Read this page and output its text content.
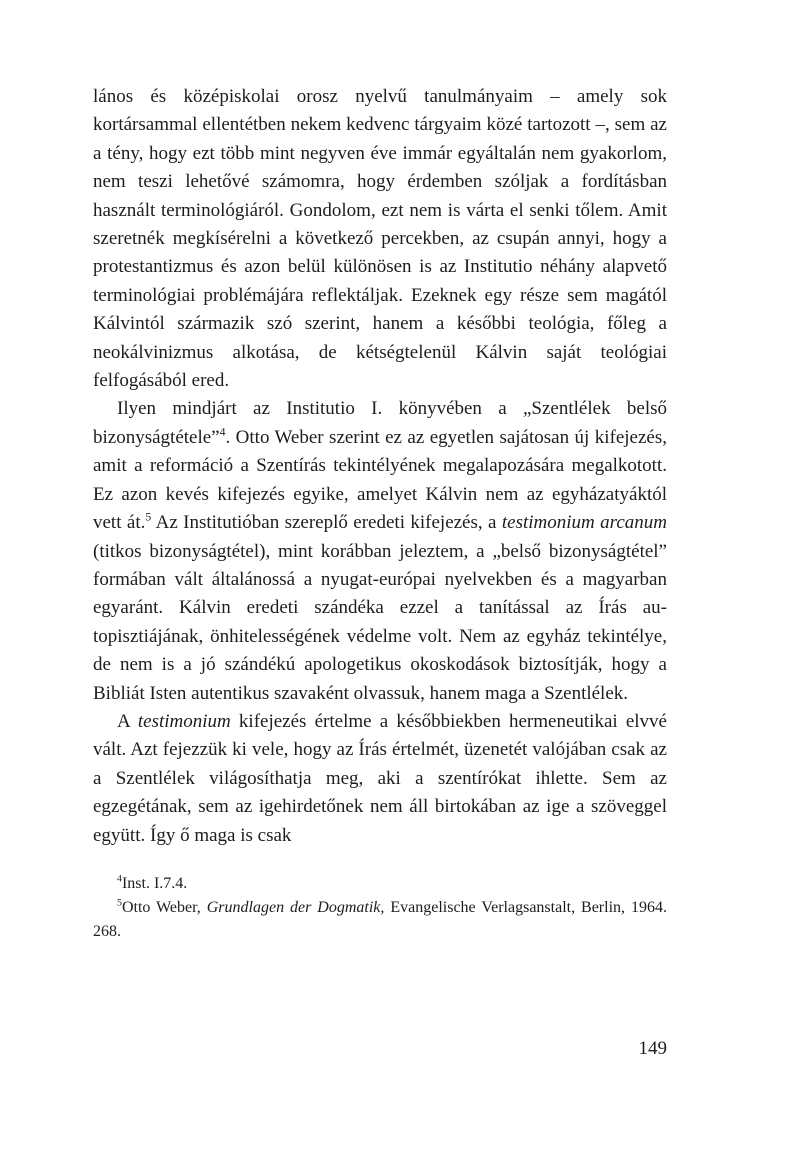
lános és középiskolai orosz nyelvű tanulmányaim – amely sok kortársammal ellentétben nekem kedvenc tárgyaim közé tartozott –, sem az a tény, hogy ezt több mint negyven éve immár egyáltalán nem gyakorlom, nem teszi lehetővé számomra, hogy érdemben szóljak a fordításban használt terminológiáról. Gondolom, ezt nem is várta el senki tőlem. Amit szeretnék megkísérelni a következő percekben, az csupán annyi, hogy a protestantizmus és azon belül különösen is az Institutio néhány alapvető terminológiai problémájára reflektáljak. Ezeknek egy része sem magától Kálvintól származik szó szerint, hanem a későbbi teológia, főleg a neokálvinizmus alkotása, de kétségtelenül Kálvin saját teológiai felfogásából ered.

Ilyen mindjárt az Institutio I. könyvében a „Szentlélek belső bizonyságtétele”$^4$. Otto Weber szerint ez az egyetlen sajátosan új kifejezés, amit a reformáció a Szentírás tekintélyének megalapozására megalkotott. Ez azon kevés kifejezés egyike, amelyet Kálvin nem az egyházatyáktól vett át.$^5$ Az Institutióban szereplő eredeti kifejezés, a testimonium arcanum (titkos bizonyságtétel), mint korábban jeleztem, a „belső bizonyságtétel” formában vált általánossá a nyugat-európai nyelvekben és a magyarban egyaránt. Kálvin eredeti szándéka ezzel a tanítással az Írás autopisztiájának, önhitelességének védelme volt. Nem az egyház tekintélye, de nem is a jó szándékú apologetikus okoskodások biztosítják, hogy a Bibliát Isten autentikus szavaként olvassuk, hanem maga a Szentlélek.

A testimonium kifejezés értelme a későbbiekben hermeneutikai elvvé vált. Azt fejezzük ki vele, hogy az Írás értelmét, üzenetét valójában csak az a Szentlélek világosíthatja meg, aki a szentírókat ihlette. Sem az egzegétának, sem az igehirdetőnek nem áll birtokában az ige a szöveggel együtt. Így ő maga is csak

$^4$Inst. I.7.4.

$^5$Otto Weber, Grundlagen der Dogmatik, Evangelische Verlagsanstalt, Berlin, 1964. 268.

149
